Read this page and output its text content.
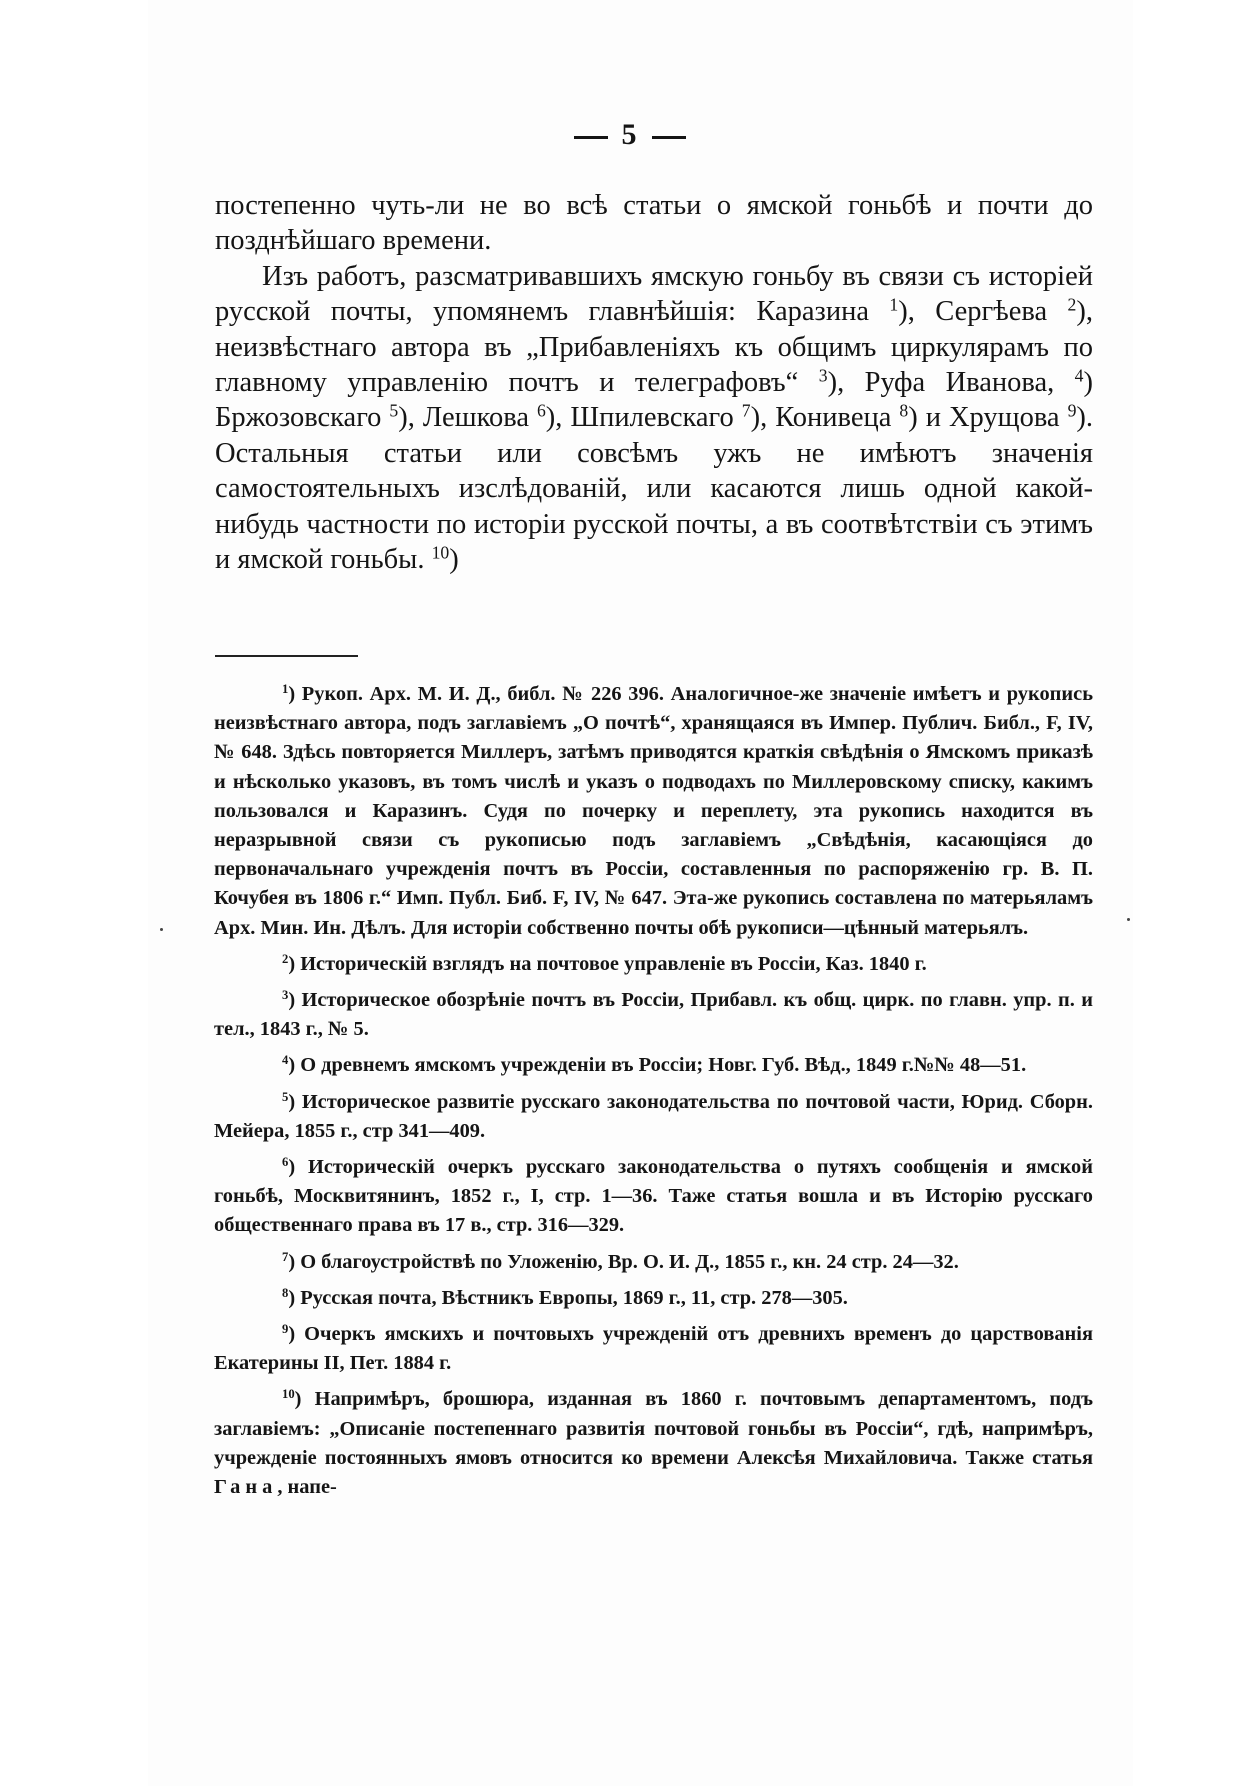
5

постепенно чуть-ли не во всѣ статьи о ямской гоньбѣ и почти до позднѣйшаго времени.

Изъ работъ, разсматривавшихъ ямскую гоньбу въ связи съ исторіей русской почты, упомянемъ главнѣйшія: Каразина $^1$), Сергѣева $^2$), неизвѣстнаго автора въ „Прибавленіяхъ къ общимъ циркулярамъ по главному управленію почтъ и телеграфовъ“ $^3$), Руфа Иванова, $^4$) Бржозовскаго $^5$), Лешкова $^6$), Шпилевскаго $^7$), Конивеца $^8$) и Хрущова $^9$). Остальныя статьи или совсѣмъ ужъ не имѣютъ значенія самостоятельныхъ изслѣдованій, или касаются лишь одной какой-нибудь частности по исторіи русской почты, а въ соотвѣтствіи съ этимъ и ямской гоньбы. $^{10}$)

$^1$) Рукоп. Арх. М. И. Д., библ. № 226 396. Аналогичное-же значеніе имѣетъ и рукопись неизвѣстнаго автора, подъ заглавіемъ „О почтѣ“, хранящаяся въ Импер. Публич. Библ., F, IV, № 648. Здѣсь повторяется Миллеръ, затѣмъ приводятся краткія свѣдѣнія о Ямскомъ приказѣ и нѣсколько указовъ, въ томъ числѣ и указъ о подводахъ по Миллеровскому списку, какимъ пользовался и Каразинъ. Судя по почерку и переплету, эта рукопись находится въ неразрывной связи съ рукописью подъ заглавіемъ „Свѣдѣнія, касающіяся до первоначальнаго учрежденія почтъ въ Россіи, составленныя по распоряженію гр. В. П. Кочубея въ 1806 г.“ Имп. Публ. Биб. F, IV, № 647. Эта-же рукопись составлена по матерьяламъ Арх. Мин. Ин. Дѣлъ. Для исторіи собственно почты обѣ рукописи—цѣнный матерьялъ.

$^2$) Историческій взглядъ на почтовое управленіе въ Россіи, Каз. 1840 г.

$^3$) Историческое обозрѣніе почтъ въ Россіи, Прибавл. къ общ. цирк. по главн. упр. п. и тел., 1843 г., № 5.

$^4$) О древнемъ ямскомъ учрежденіи въ Россіи; Новг. Губ. Вѣд., 1849 г.№№ 48—51.

$^5$) Историческое развитіе русскаго законодательства по почтовой части, Юрид. Сборн. Мейера, 1855 г., стр 341—409.

$^6$) Историческій очеркъ русскаго законодательства о путяхъ сообщенія и ямской гоньбѣ, Москвитянинъ, 1852 г., I, стр. 1—36. Таже статья вошла и въ Исторію русскаго общественнаго права въ 17 в., стр. 316—329.

$^7$) О благоустройствѣ по Уложенію, Вр. О. И. Д., 1855 г., кн. 24 стр. 24—32.

$^8$) Русская почта, Вѣстникъ Европы, 1869 г., 11, стр. 278—305.

$^9$) Очеркъ ямскихъ и почтовыхъ учрежденій отъ древнихъ временъ до царствованія Екатерины II, Пет. 1884 г.

$^{10}$) Напримѣръ, брошюра, изданная въ 1860 г. почтовымъ департаментомъ, подъ заглавіемъ: „Описаніе постепеннаго развитія почтовой гоньбы въ Россіи“, гдѣ, напримѣръ, учрежденіе постоянныхъ ямовъ относится ко времени Алексѣя Михайловича. Также статья Гана, напе-
